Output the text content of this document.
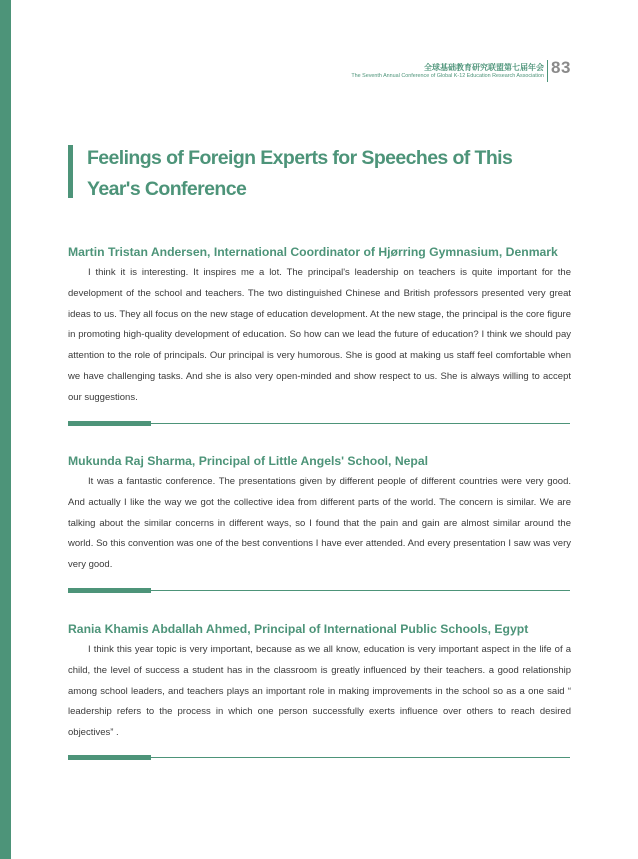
全球基础教育研究联盟第七届年会
The Seventh Annual Conference of Global K-12 Education Research Association 83
Feelings of Foreign Experts for Speeches of This Year's Conference
Martin Tristan Andersen, International Coordinator of Hjørring Gymnasium, Denmark

I think it is interesting. It inspires me a lot. The principal's leadership on teachers is quite important for the development of the school and teachers. The two distinguished Chinese and British professors presented very great ideas to us. They all focus on the new stage of education development. At the new stage, the principal is the core figure in promoting high-quality development of education. So how can we lead the future of education? I think we should pay attention to the role of principals. Our principal is very humorous. She is good at making us staff feel comfortable when we have challenging tasks. And she is also very open-minded and show respect to us. She is always willing to accept our suggestions.

Mukunda Raj Sharma, Principal of Little Angels' School, Nepal

It was a fantastic conference. The presentations given by different people of different countries were very good. And actually I like the way we got the collective idea from different parts of the world. The concern is similar. We are talking about the similar concerns in different ways, so I found that the pain and gain are almost similar around the world. So this convention was one of the best conventions I have ever attended. And every presentation I saw was very very good.

Rania Khamis Abdallah Ahmed, Principal of International Public Schools, Egypt

I think this year topic is very important, because as we all know, education is very important aspect in the life of a child, the level of success a student has in the classroom is greatly influenced by their teachers. a good relationship among school leaders, and teachers plays an important role in making improvements in the school so as a one said “ leadership refers to the process in which one person successfully exerts influence over others to reach desired objectives” .
